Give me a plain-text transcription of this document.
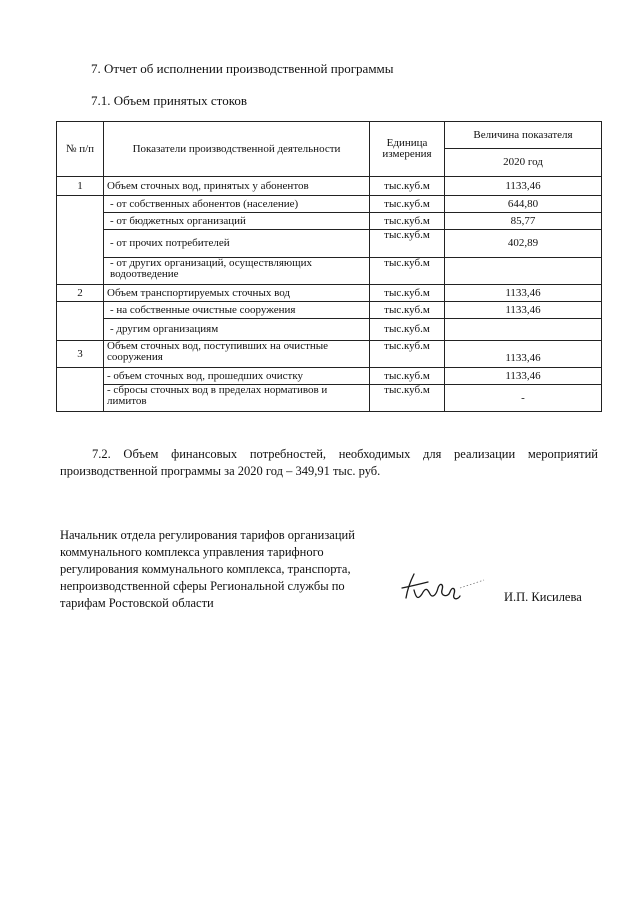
7. Отчет об исполнении производственной программы
7.1. Объем принятых стоков
№ п/п	Показатели производственной деятельности	Единица измерения	Величина показателя
			2020 год
1	Объем сточных вод, принятых у абонентов	тыс.куб.м	1133,46
	- от собственных абонентов (население)	тыс.куб.м	644,80
	- от бюджетных организаций	тыс.куб.м	85,77
	- от прочих потребителей	тыс.куб.м	402,89
	- от других организаций, осуществляющих водоотведение	тыс.куб.м	
2	Объем транспортируемых сточных вод	тыс.куб.м	1133,46
	- на собственные очистные сооружения	тыс.куб.м	1133,46
	- другим организациям	тыс.куб.м	
3	Объем сточных вод, поступивших на очистные сооружения	тыс.куб.м	1133,46
	- объем сточных вод, прошедших очистку	тыс.куб.м	1133,46
	- сбросы сточных вод в пределах нормативов и лимитов	тыс.куб.м	-
7.2. Объем финансовых потребностей, необходимых для реализации мероприятий производственной программы за 2020 год – 349,91 тыс. руб.
Начальник отдела регулирования тарифов организаций коммунального комплекса управления тарифного регулирования коммунального комплекса, транспорта, непроизводственной сферы Региональной службы по тарифам Ростовской области	И.П. Кисилева
